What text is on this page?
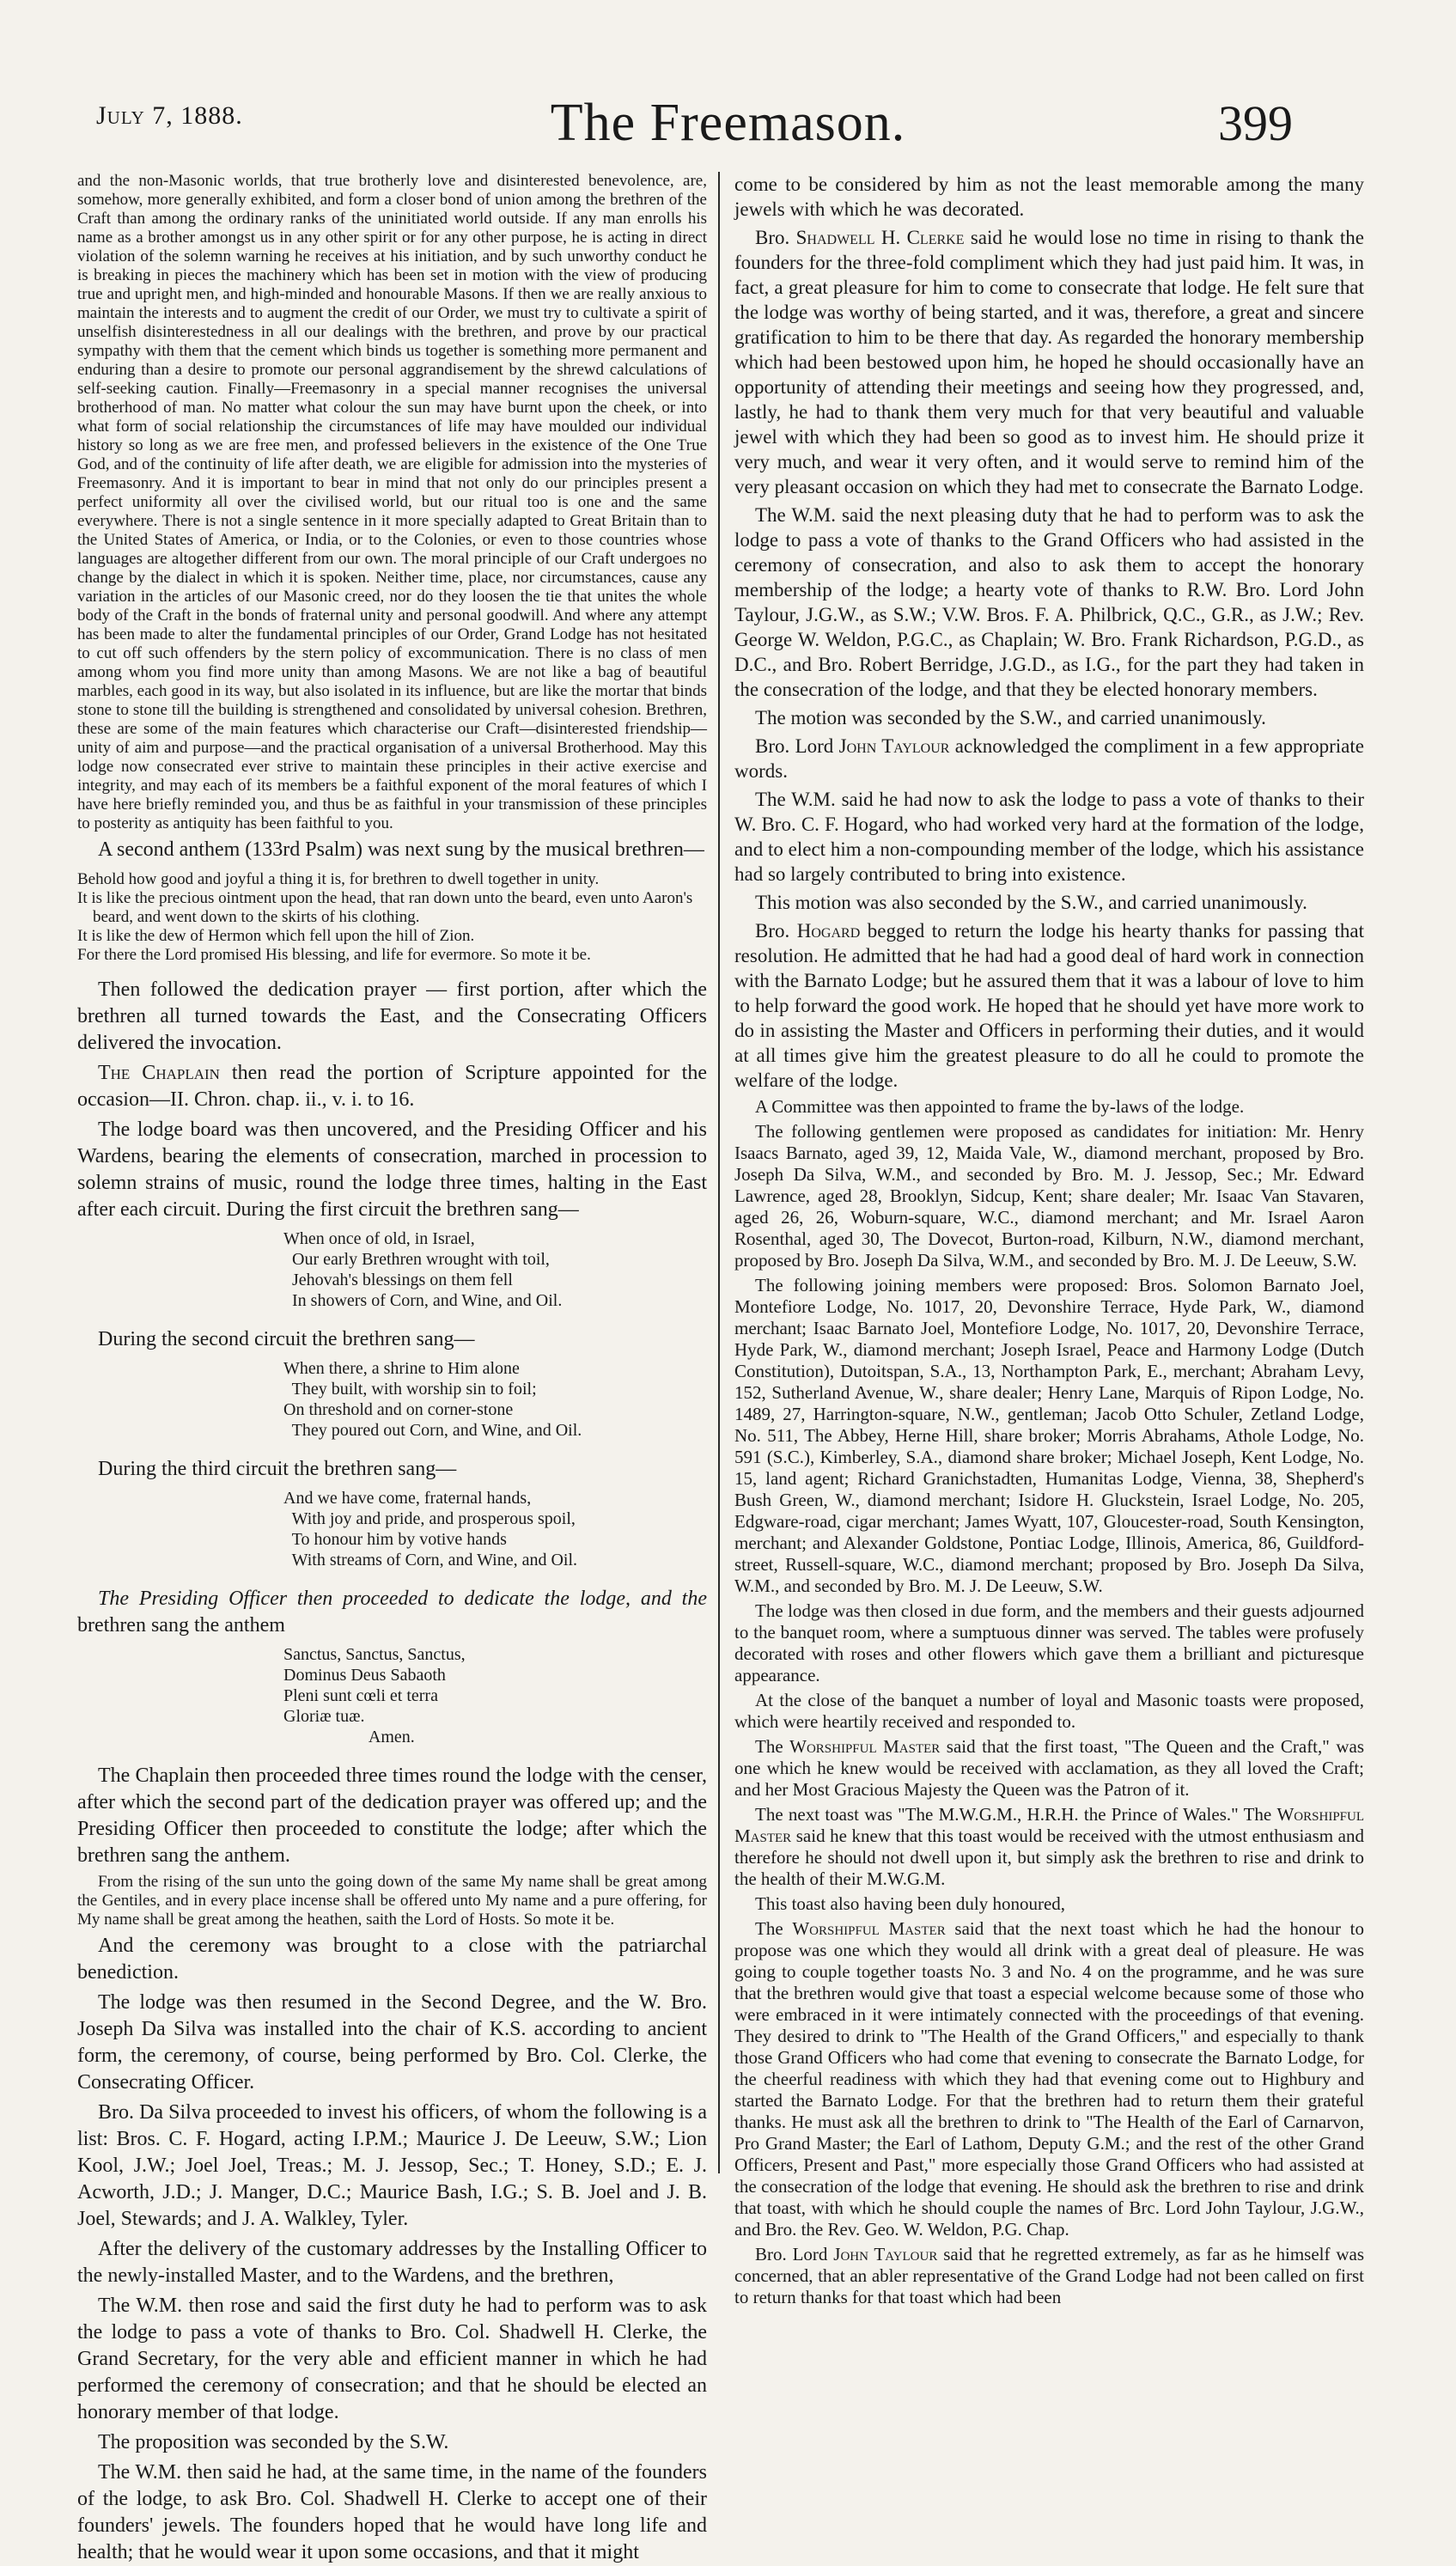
July 7, 1888.	The Freemason.	399

and the non-Masonic worlds, that true brotherly love and disinterested benevolence, are, somehow, more generally exhibited, and form a closer bond of union among the brethren of the Craft than among the ordinary ranks of the uninitiated world outside. If any man enrolls his name as a brother amongst us in any other spirit or for any other purpose, he is acting in direct violation of the solemn warning he receives at his initiation, and by such unworthy conduct he is breaking in pieces the machinery which has been set in motion with the view of producing true and upright men, and high-minded and honourable Masons. If then we are really anxious to maintain the interests and to augment the credit of our Order, we must try to cultivate a spirit of unselfish disinterestedness in all our dealings with the brethren, and prove by our practical sympathy with them that the cement which binds us together is something more permanent and enduring than a desire to promote our personal aggrandisement by the shrewd calculations of self-seeking caution. Finally—Freemasonry in a special manner recognises the universal brotherhood of man. No matter what colour the sun may have burnt upon the cheek, or into what form of social relationship the circumstances of life may have moulded our individual history so long as we are free men, and professed believers in the existence of the One True God, and of the continuity of life after death, we are eligible for admission into the mysteries of Freemasonry. And it is important to bear in mind that not only do our principles present a perfect uniformity all over the civilised world, but our ritual too is one and the same everywhere. There is not a single sentence in it more specially adapted to Great Britain than to the United States of America, or India, or to the Colonies, or even to those countries whose languages are altogether different from our own. The moral principle of our Craft undergoes no change by the dialect in which it is spoken. Neither time, place, nor circumstances, cause any variation in the articles of our Masonic creed, nor do they loosen the tie that unites the whole body of the Craft in the bonds of fraternal unity and personal goodwill. And where any attempt has been made to alter the fundamental principles of our Order, Grand Lodge has not hesitated to cut off such offenders by the stern policy of excommunication. There is no class of men among whom you find more unity than among Masons. We are not like a bag of beautiful marbles, each good in its way, but also isolated in its influence, but are like the mortar that binds stone to stone till the building is strengthened and consolidated by universal cohesion. Brethren, these are some of the main features which characterise our Craft—disinterested friendship—unity of aim and purpose—and the practical organisation of a universal Brotherhood. May this lodge now consecrated ever strive to maintain these principles in their active exercise and integrity, and may each of its members be a faithful exponent of the moral features of which I have here briefly reminded you, and thus be as faithful in your transmission of these principles to posterity as antiquity has been faithful to you.

A second anthem (133rd Psalm) was next sung by the musical brethren—

Behold how good and joyful a thing it is, for brethren to dwell together in unity.
It is like the precious ointment upon the head, that ran down unto the beard, even unto Aaron's beard, and went down to the skirts of his clothing.
It is like the dew of Hermon which fell upon the hill of Zion.
For there the Lord promised His blessing, and life for evermore. So mote it be.

Then followed the dedication prayer — first portion, after which the brethren all turned towards the East, and the Consecrating Officers delivered the invocation.

The Chaplain then read the portion of Scripture appointed for the occasion—II. Chron. chap. ii., v. i. to 16.

The lodge board was then uncovered, and the Presiding Officer and his Wardens, bearing the elements of consecration, marched in procession to solemn strains of music, round the lodge three times, halting in the East after each circuit. During the first circuit the brethren sang—

When once of old, in Israel,
Our early Brethren wrought with toil,
Jehovah's blessings on them fell
In showers of Corn, and Wine, and Oil.

During the second circuit the brethren sang—

When there, a shrine to Him alone
They built, with worship sin to foil;
On threshold and on corner-stone
They poured out Corn, and Wine, and Oil.

During the third circuit the brethren sang—

And we have come, fraternal hands,
With joy and pride, and prosperous spoil,
To honour him by votive hands
With streams of Corn, and Wine, and Oil.

The Presiding Officer then proceeded to dedicate the lodge, and the brethren sang the anthem

Sanctus, Sanctus, Sanctus,
Dominus Deus Sabaoth
Pleni sunt cœli et terra
Gloriæ tuæ.
Amen.

The Chaplain then proceeded three times round the lodge with the censer, after which the second part of the dedication prayer was offered up; and the Presiding Officer then proceeded to constitute the lodge; after which the brethren sang the anthem.

From the rising of the sun unto the going down of the same My name shall be great among the Gentiles, and in every place incense shall be offered unto My name and a pure offering, for My name shall be great among the heathen, saith the Lord of Hosts. So mote it be.

And the ceremony was brought to a close with the patriarchal benediction.

The lodge was then resumed in the Second Degree, and the W. Bro. Joseph Da Silva was installed into the chair of K.S. according to ancient form, the ceremony, of course, being performed by Bro. Col. Clerke, the Consecrating Officer.

Bro. Da Silva proceeded to invest his officers, of whom the following is a list: Bros. C. F. Hogard, acting I.P.M.; Maurice J. De Leeuw, S.W.; Lion Kool, J.W.; Joel Joel, Treas.; M. J. Jessop, Sec.; T. Honey, S.D.; E. J. Acworth, J.D.; J. Manger, D.C.; Maurice Bash, I.G.; S. B. Joel and J. B. Joel, Stewards; and J. A. Walkley, Tyler.

After the delivery of the customary addresses by the Installing Officer to the newly-installed Master, and to the Wardens, and the brethren,

The W.M. then rose and said the first duty he had to perform was to ask the lodge to pass a vote of thanks to Bro. Col. Shadwell H. Clerke, the Grand Secretary, for the very able and efficient manner in which he had performed the ceremony of consecration; and that he should be elected an honorary member of that lodge.

The proposition was seconded by the S.W.

The W.M. then said he had, at the same time, in the name of the founders of the lodge, to ask Bro. Col. Shadwell H. Clerke to accept one of their founders' jewels. The founders hoped that he would have long life and health; that he would wear it upon some occasions, and that it might

come to be considered by him as not the least memorable among the many jewels with which he was decorated.

Bro. Shadwell H. Clerke said he would lose no time in rising to thank the founders for the three-fold compliment which they had just paid him. It was, in fact, a great pleasure for him to come to consecrate that lodge. He felt sure that the lodge was worthy of being started, and it was, therefore, a great and sincere gratification to him to be there that day. As regarded the honorary membership which had been bestowed upon him, he hoped he should occasionally have an opportunity of attending their meetings and seeing how they progressed, and, lastly, he had to thank them very much for that very beautiful and valuable jewel with which they had been so good as to invest him. He should prize it very much, and wear it very often, and it would serve to remind him of the very pleasant occasion on which they had met to consecrate the Barnato Lodge.

The W.M. said the next pleasing duty that he had to perform was to ask the lodge to pass a vote of thanks to the Grand Officers who had assisted in the ceremony of consecration, and also to ask them to accept the honorary membership of the lodge; a hearty vote of thanks to R.W. Bro. Lord John Taylour, J.G.W., as S.W.; V.W. Bros. F. A. Philbrick, Q.C., G.R., as J.W.; Rev. George W. Weldon, P.G.C., as Chaplain; W. Bro. Frank Richardson, P.G.D., as D.C., and Bro. Robert Berridge, J.G.D., as I.G., for the part they had taken in the consecration of the lodge, and that they be elected honorary members.

The motion was seconded by the S.W., and carried unanimously.

Bro. Lord John Taylour acknowledged the compliment in a few appropriate words.

The W.M. said he had now to ask the lodge to pass a vote of thanks to their W. Bro. C. F. Hogard, who had worked very hard at the formation of the lodge, and to elect him a non-compounding member of the lodge, which his assistance had so largely contributed to bring into existence.

This motion was also seconded by the S.W., and carried unanimously.

Bro. Hogard begged to return the lodge his hearty thanks for passing that resolution. He admitted that he had had a good deal of hard work in connection with the Barnato Lodge; but he assured them that it was a labour of love to him to help forward the good work. He hoped that he should yet have more work to do in assisting the Master and Officers in performing their duties, and it would at all times give him the greatest pleasure to do all he could to promote the welfare of the lodge.

A Committee was then appointed to frame the by-laws of the lodge.

The following gentlemen were proposed as candidates for initiation: Mr. Henry Isaacs Barnato, aged 39, 12, Maida Vale, W., diamond merchant, proposed by Bro. Joseph Da Silva, W.M., and seconded by Bro. M. J. Jessop, Sec.; Mr. Edward Lawrence, aged 28, Brooklyn, Sidcup, Kent; share dealer; Mr. Isaac Van Stavaren, aged 26, 26, Woburn-square, W.C., diamond merchant; and Mr. Israel Aaron Rosenthal, aged 30, The Dovecot, Burton-road, Kilburn, N.W., diamond merchant, proposed by Bro. Joseph Da Silva, W.M., and seconded by Bro. M. J. De Leeuw, S.W.

The following joining members were proposed: Bros. Solomon Barnato Joel, Montefiore Lodge, No. 1017, 20, Devonshire Terrace, Hyde Park, W., diamond merchant; Isaac Barnato Joel, Montefiore Lodge, No. 1017, 20, Devonshire Terrace, Hyde Park, W., diamond merchant; Joseph Israel, Peace and Harmony Lodge (Dutch Constitution), Dutoitspan, S.A., 13, Northampton Park, E., merchant; Abraham Levy, 152, Sutherland Avenue, W., share dealer; Henry Lane, Marquis of Ripon Lodge, No. 1489, 27, Harrington-square, N.W., gentleman; Jacob Otto Schuler, Zetland Lodge, No. 511, The Abbey, Herne Hill, share broker; Morris Abrahams, Athole Lodge, No. 591 (S.C.), Kimberley, S.A., diamond share broker; Michael Joseph, Kent Lodge, No. 15, land agent; Richard Granichstadten, Humanitas Lodge, Vienna, 38, Shepherd's Bush Green, W., diamond merchant; Isidore H. Gluckstein, Israel Lodge, No. 205, Edgware-road, cigar merchant; James Wyatt, 107, Gloucester-road, South Kensington, merchant; and Alexander Goldstone, Pontiac Lodge, Illinois, America, 86, Guildford-street, Russell-square, W.C., diamond merchant; proposed by Bro. Joseph Da Silva, W.M., and seconded by Bro. M. J. De Leeuw, S.W.

The lodge was then closed in due form, and the members and their guests adjourned to the banquet room, where a sumptuous dinner was served. The tables were profusely decorated with roses and other flowers which gave them a brilliant and picturesque appearance.

At the close of the banquet a number of loyal and Masonic toasts were proposed, which were heartily received and responded to.

The Worshipful Master said that the first toast, "The Queen and the Craft," was one which he knew would be received with acclamation, as they all loved the Craft; and her Most Gracious Majesty the Queen was the Patron of it.

The next toast was "The M.W.G.M., H.R.H. the Prince of Wales." The Worshipful Master said he knew that this toast would be received with the utmost enthusiasm and therefore he should not dwell upon it, but simply ask the brethren to rise and drink to the health of their M.W.G.M.

This toast also having been duly honoured,

The Worshipful Master said that the next toast which he had the honour to propose was one which they would all drink with a great deal of pleasure. He was going to couple together toasts No. 3 and No. 4 on the programme, and he was sure that the brethren would give that toast a especial welcome because some of those who were embraced in it were intimately connected with the proceedings of that evening. They desired to drink to "The Health of the Grand Officers," and especially to thank those Grand Officers who had come that evening to consecrate the Barnato Lodge, for the cheerful readiness with which they had that evening come out to Highbury and started the Barnato Lodge. For that the brethren had to return them their grateful thanks. He must ask all the brethren to drink to "The Health of the Earl of Carnarvon, Pro Grand Master; the Earl of Lathom, Deputy G.M.; and the rest of the other Grand Officers, Present and Past," more especially those Grand Officers who had assisted at the consecration of the lodge that evening. He should ask the brethren to rise and drink that toast, with which he should couple the names of Brc. Lord John Taylour, J.G.W., and Bro. the Rev. Geo. W. Weldon, P.G. Chap.

Bro. Lord John Taylour said that he regretted extremely, as far as he himself was concerned, that an abler representative of the Grand Lodge had not been called on first to return thanks for that toast which had been
